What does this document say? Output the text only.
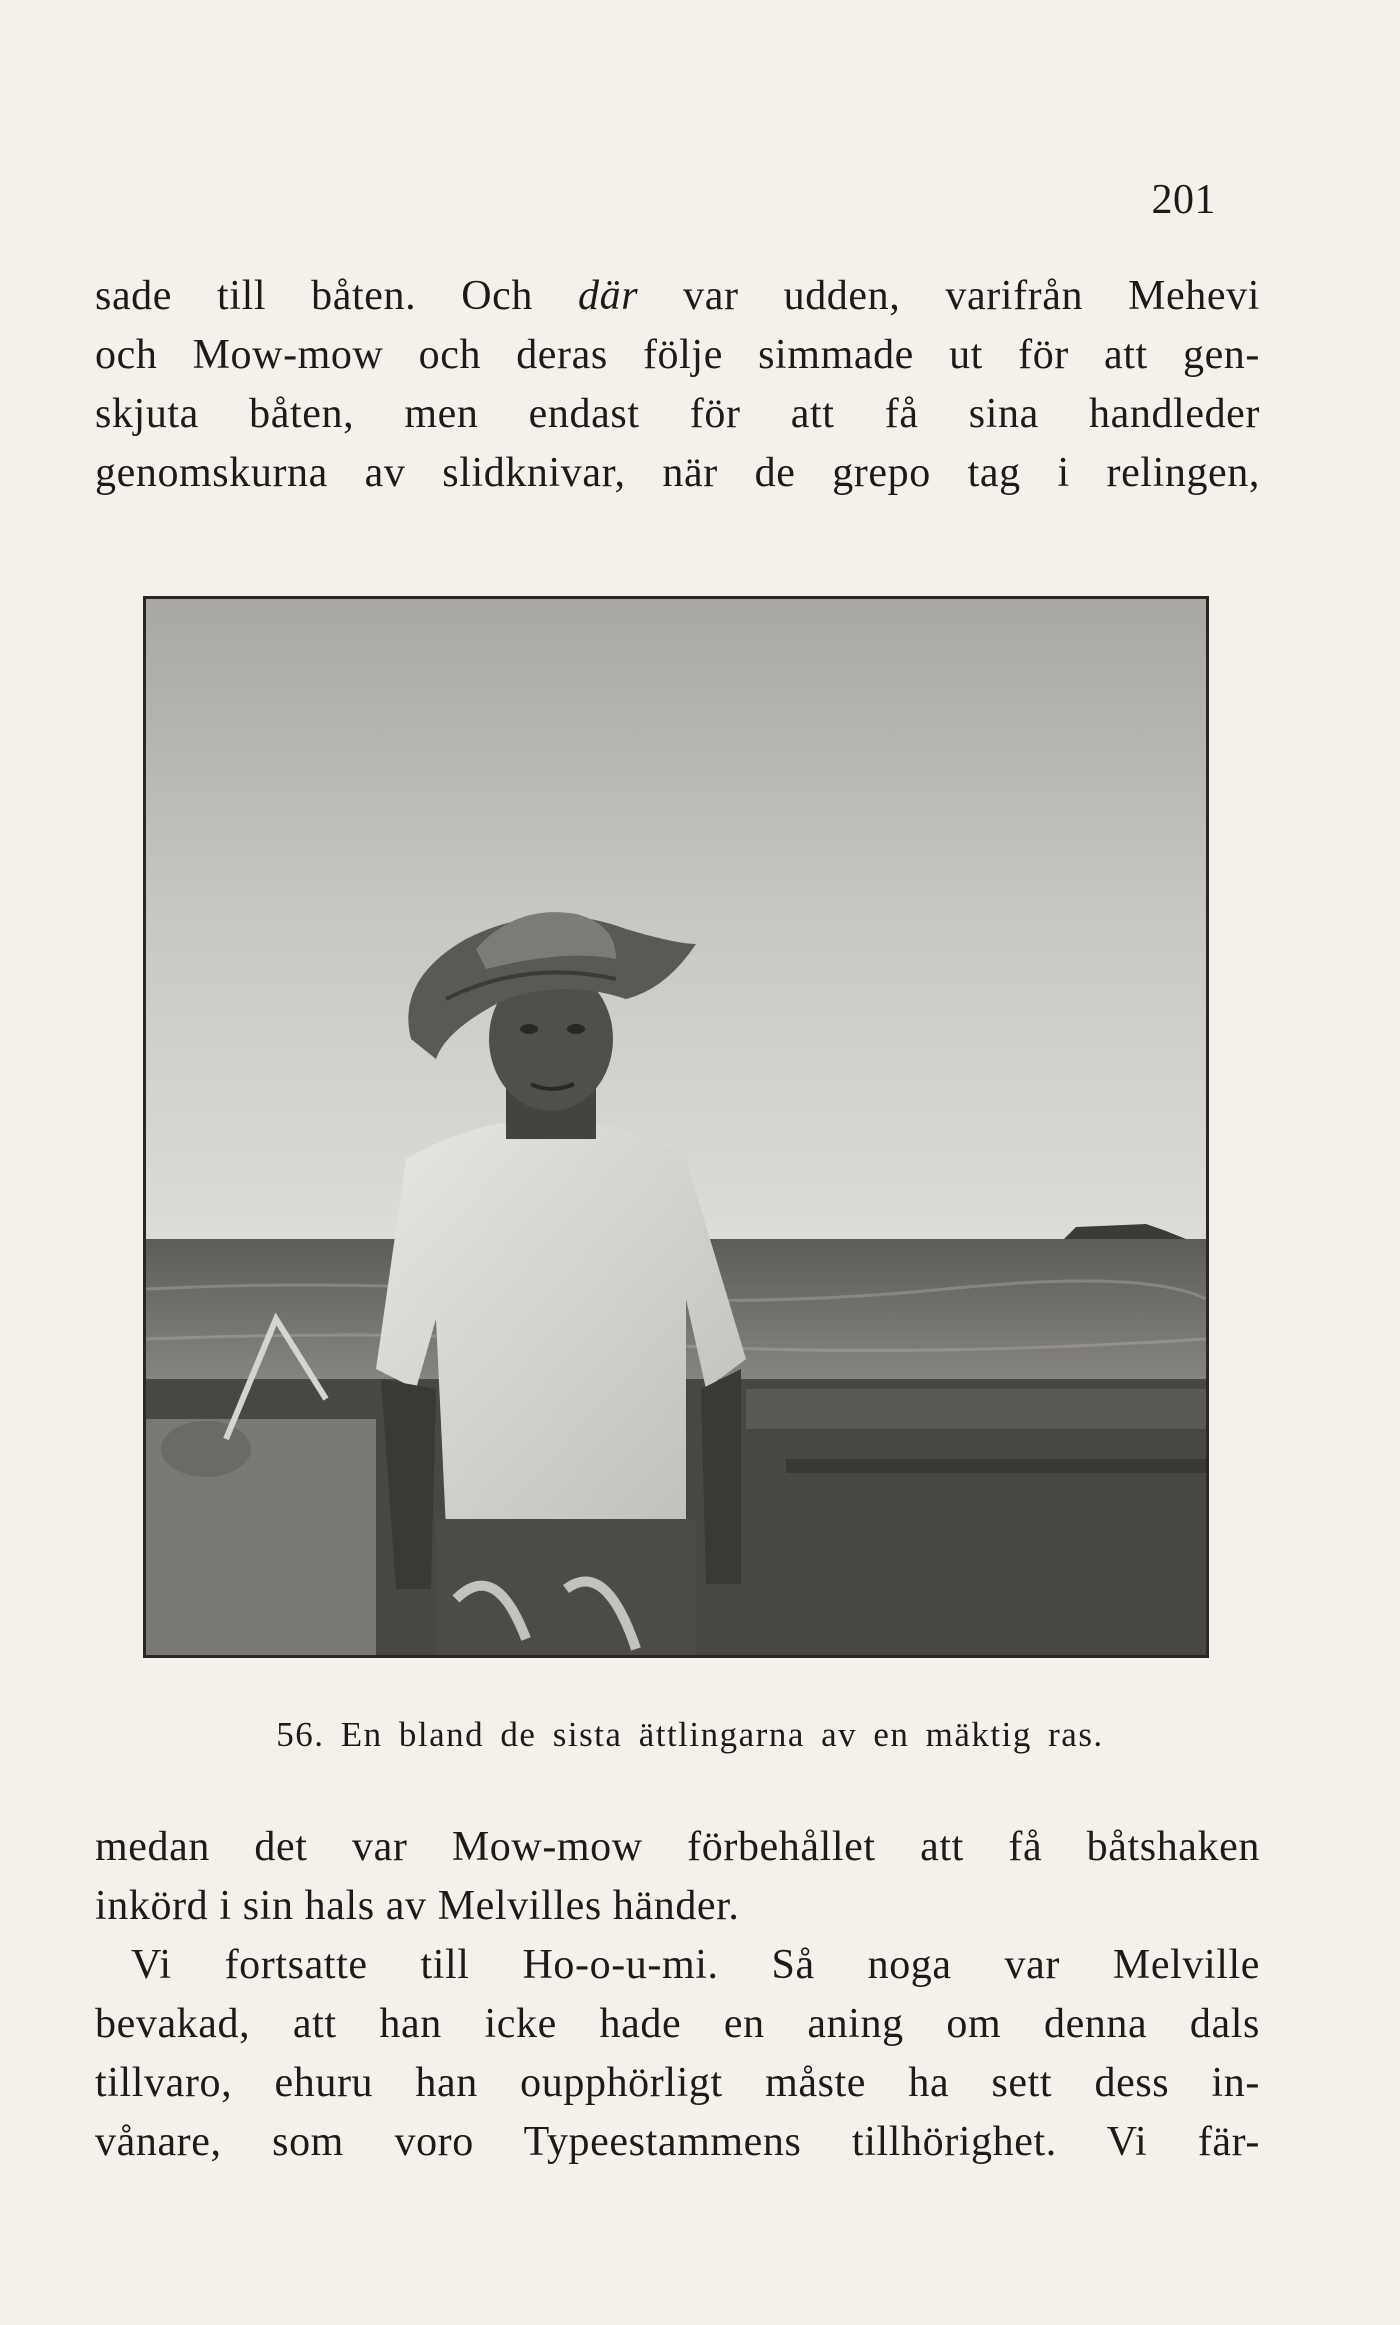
201
sade till båten. Och där var udden, varifrån Mehevi
och Mow-mow och deras följe simmade ut för att gen-
skjuta båten, men endast för att få sina handleder
genomskurna av slidknivar, när de grepo tag i relingen,
56. En bland de sista ättlingarna av en mäktig ras.
medan det var Mow-mow förbehållet att få båtshaken
inkörd i sin hals av Melvilles händer.
Vi fortsatte till Ho-o-u-mi. Så noga var Melville
bevakad, att han icke hade en aning om denna dals
tillvaro, ehuru han oupphörligt måste ha sett dess in-
vånare, som voro Typeestammens tillhörighet. Vi fär-
